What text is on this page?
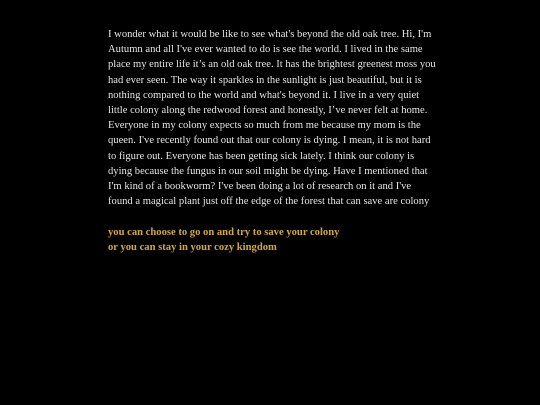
I wonder what it would be like to see what's beyond the old oak tree. Hi, I'm Autumn and all I've ever wanted to do is see the world. I lived in the same place my entire life it’s an old oak tree. It has the brightest greenest moss you had ever seen. The way it sparkles in the sunlight is just beautiful, but it is nothing compared to the world and what's beyond it. I live in a very quiet little colony along the redwood forest and honestly, I’ve never felt at home. Everyone in my colony expects so much from me because my mom is the queen. I've recently found out that our colony is dying. I mean, it is not hard to figure out. Everyone has been getting sick lately. I think our colony is dying because the fungus in our soil might be dying. Have I mentioned that I'm kind of a bookworm? I've been doing a lot of research on it and I've found a magical plant just off the edge of the forest that can save are colony

you can choose to go on and try to save your colony
or you can stay in your cozy kingdom
